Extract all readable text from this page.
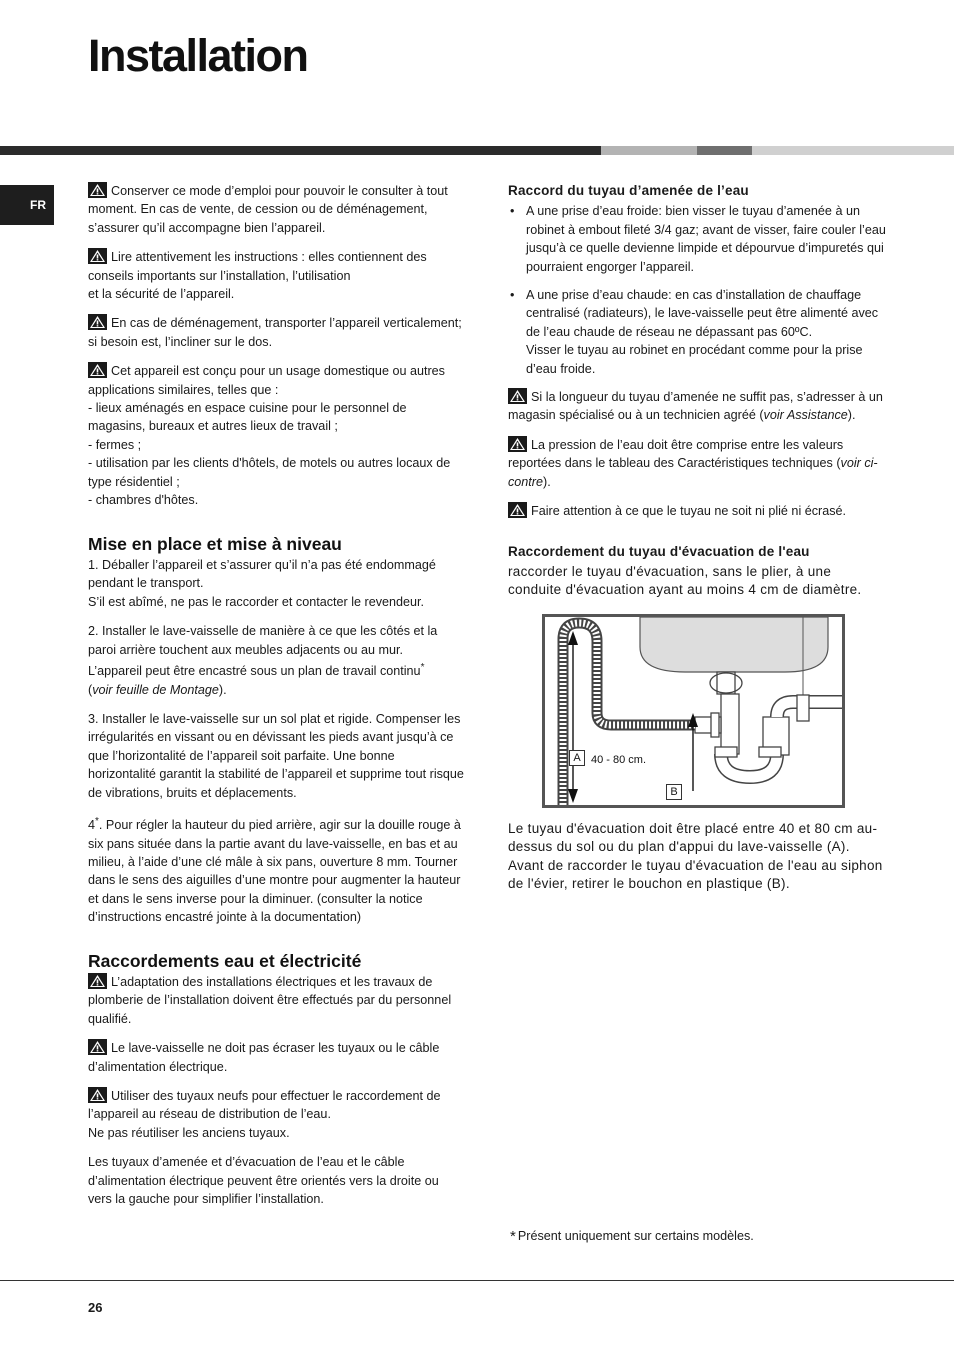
Installation
FR

Conserver ce mode d’emploi pour pouvoir le consulter à tout moment. En cas de vente, de cession ou de déménagement, s’assurer qu’il accompagne bien l’appareil.

Lire attentivement les instructions : elles contiennent des conseils importants sur l’installation, l’utilisation
et la sécurité de l’appareil.

En cas de déménagement, transporter l’appareil verticalement; si besoin est, l’incliner sur le dos.

Cet appareil est conçu pour un usage domestique ou autres applications similaires, telles que :
- lieux aménagés en espace cuisine pour le personnel de magasins, bureaux et autres lieux de travail ;
- fermes ;
- utilisation par les clients d'hôtels, de motels ou autres locaux de type résidentiel ;
- chambres d'hôtes.

Mise en place et mise à niveau

1. Déballer l’appareil et s’assurer qu’il n’a pas été endommagé pendant le transport.
S’il est abîmé, ne pas le raccorder et contacter le revendeur.

2. Installer le lave-vaisselle de manière à ce que les côtés et la paroi arrière touchent aux meubles adjacents ou au mur.
L’appareil peut être encastré sous un plan de travail continu*
(voir feuille de Montage).

3. Installer le lave-vaisselle sur un sol plat et rigide. Compenser les irrégularités en vissant ou en dévissant les pieds avant jusqu’à ce que l’horizontalité de l’appareil soit parfaite. Une bonne horizontalité garantit la stabilité de l’appareil et supprime tout risque de vibrations, bruits et déplacements.

4*. Pour régler la hauteur du pied arrière, agir sur la douille rouge à six pans située dans la partie avant du lave-vaisselle, en bas et au milieu, à l’aide d’une clé mâle à six pans, ouverture 8 mm. Tourner dans le sens des aiguilles d’une montre pour augmenter la hauteur et dans le sens inverse pour la diminuer. (consulter la notice d’instructions encastré jointe à la documentation)

Raccordements eau et électricité

L’adaptation des installations électriques et les travaux de plomberie de l’installation doivent être effectués par du personnel qualifié.

Le lave-vaisselle ne doit pas écraser les tuyaux ou le câble d’alimentation électrique.

Utiliser des tuyaux neufs pour effectuer le raccordement de l’appareil au réseau de distribution de l’eau.
Ne pas réutiliser les anciens tuyaux.

Les tuyaux d’amenée et d’évacuation de l’eau et le câble d’alimentation électrique peuvent être orientés vers la droite ou vers la gauche pour simplifier l’installation.

Raccord du tuyau d’amenée de l’eau
• A une prise d’eau froide: bien visser le tuyau d’amenée à un robinet à embout fileté 3/4 gaz; avant de visser, faire couler l’eau jusqu’à ce quelle devienne limpide et dépourvue d’impuretés qui pourraient engorger l’appareil.
• A une prise d’eau chaude: en cas d’installation de chauffage centralisé (radiateurs), le lave-vaisselle peut être alimenté avec de l’eau chaude de réseau ne dépassant pas 60ºC.
Visser le tuyau au robinet en procédant comme pour la prise d’eau froide.

Si la longueur du tuyau d’amenée ne suffit pas, s’adresser à un magasin spécialisé ou à un technicien agréé (voir Assistance).

La pression de l’eau doit être comprise entre les valeurs reportées dans le tableau des Caractéristiques techniques (voir ci-contre).

Faire attention à ce que le tuyau ne soit ni plié ni écrasé.

Raccordement du tuyau d'évacuation de l'eau

raccorder le tuyau d'évacuation, sans le plier, à une conduite d'évacuation ayant au moins 4 cm de diamètre.

A 40 - 80 cm.
B

Le tuyau d'évacuation doit être placé entre 40 et 80 cm au-dessus du sol ou du plan d'appui du lave-vaisselle (A).
Avant de raccorder le tuyau d'évacuation de l'eau au siphon de l'évier, retirer le bouchon en plastique (B).

* Présent uniquement sur certains modèles.
26
